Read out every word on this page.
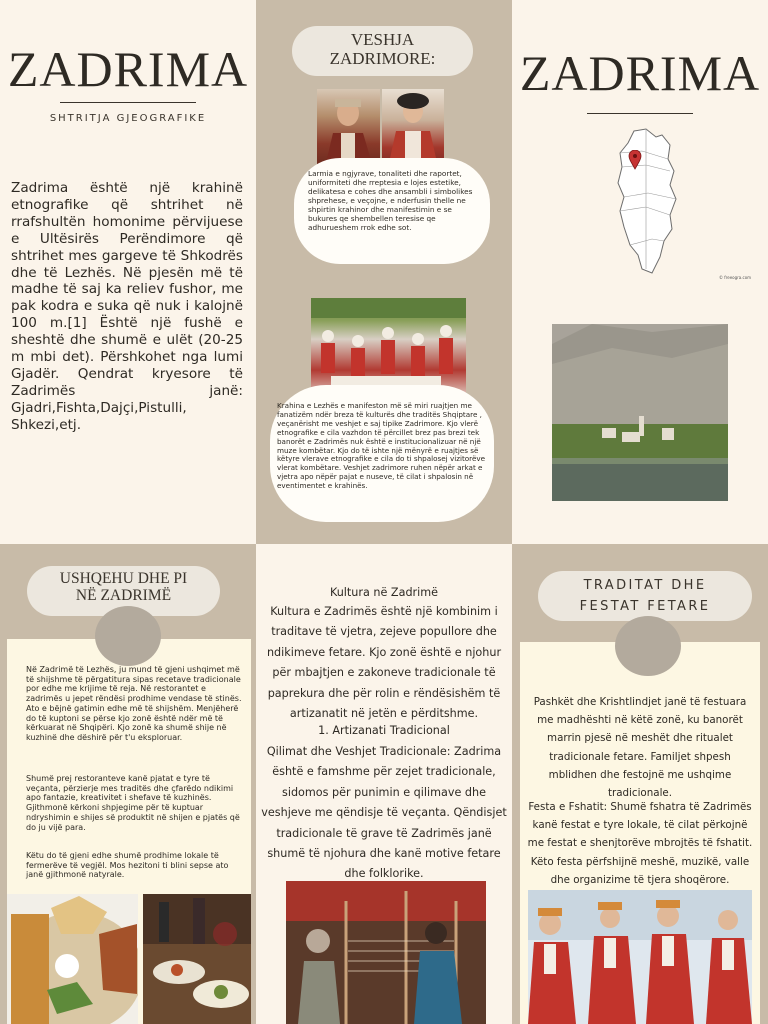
ZADRIMA
SHTRITJA GJEOGRAFIKE
Zadrima është një krahinë etnografike që shtrihet në rrafshultën homonime përvijuese e Ultësirës Perëndimore që shtrihet mes gargeve të Shkodrës dhe të Lezhës. Në pjesën më të madhe të saj ka reliev fushor, me pak kodra e suka që nuk i kalojnë 100 m.[1] Është një fushë e sheshtë dhe shumë e ulët (20-25 m mbi det). Përshkohet nga lumi Gjadër. Qendrat kryesore të Zadrimës janë: Gjadri,Fishta,Dajçi,Pistulli, Shkezi,etj.
VESHJA
ZADRIMORE:
Larmia e ngjyrave, tonaliteti dhe raportet, uniformiteti dhe rreptesia e lojes estetike, delikatesa e cohes dhe ansambli i simbolikes shprehese, e veçojne, e nderfusin thelle ne shpirtin krahinor dhe manifestimin e se bukures qe shembellen teresise qe adhurueshem rrok edhe sot.
Krahina e Lezhës e manifeston më së miri ruajtjen me fanatizëm ndër breza të kulturës dhe traditës Shqiptare , veçanërisht me veshjet e saj tipike Zadrimore. Kjo vlerë etnografike e cila vazhdon të përcillet brez pas brezi tek banorët e Zadrimës nuk është e institucionalizuar në një muze kombëtar. Kjo do të ishte një mënyrë e ruajtjes së këtyre vlerave etnografike e cila do ti shpalosej vizitorëve vlerat kombëtare. Veshjet zadrimore ruhen nëpër arkat e vjetra apo nëpër pajat e nuseve, të cilat i shpalosin në eventimentet e krahinës.
ZADRIMA
© freeogra.com
USHQEHU DHE PI
NË ZADRIMË
Në Zadrimë të Lezhës, ju mund të gjeni ushqimet më të shijshme të përgatitura sipas recetave tradicionale por edhe me krijime të reja. Në restorantet e zadrimës u jepet rëndësi prodhime vendase të stinës. Ato e bëjnë gatimin edhe më të shijshëm. Menjëherë do të kuptoni se përse kjo zonë është ndër më të kërkuarat në Shqipëri. Kjo zonë ka shumë shije në kuzhinë dhe dëshirë për t'u eksploruar.
Shumë prej restoranteve kanë pjatat e tyre të veçanta, përzierje mes traditës dhe çfarëdo ndikimi apo fantazie, kreativitet i shefave të kuzhinës. Gjithmonë kërkoni shpjegime për të kuptuar ndryshimin e shijes së produktit në shijen e pjatës që do ju vijë para.
Këtu do të gjeni edhe shumë prodhime lokale të fermerëve të vegjël. Mos hezitoni ti blini sepse ato janë gjithmonë natyrale.
Kultura në Zadrimë
Kultura e Zadrimës është një kombinim i traditave të vjetra, zejeve popullore dhe ndikimeve fetare. Kjo zonë është e njohur për mbajtjen e zakoneve tradicionale të paprekura dhe për rolin e rëndësishëm të artizanatit në jetën e përditshme.
1. Artizanati Tradicional
Qilimat dhe Veshjet Tradicionale: Zadrima është e famshme për zejet tradicionale, sidomos për punimin e qilimave dhe veshjeve me qëndisje të veçanta. Qëndisjet tradicionale të grave të Zadrimës janë shumë të njohura dhe kanë motive fetare dhe folklorike.
TRADITAT DHE
FESTAT FETARE
Pashkët dhe Krishtlindjet janë të festuara me madhështi në këtë zonë, ku banorët marrin pjesë në meshët dhe ritualet tradicionale fetare. Familjet shpesh mblidhen dhe festojnë me ushqime tradicionale.
Festa e Fshatit: Shumë fshatra të Zadrimës kanë festat e tyre lokale, të cilat përkojnë me festat e shenjtorëve mbrojtës të fshatit. Këto festa përfshijnë meshë, muzikë, valle dhe organizime të tjera shoqërore.
